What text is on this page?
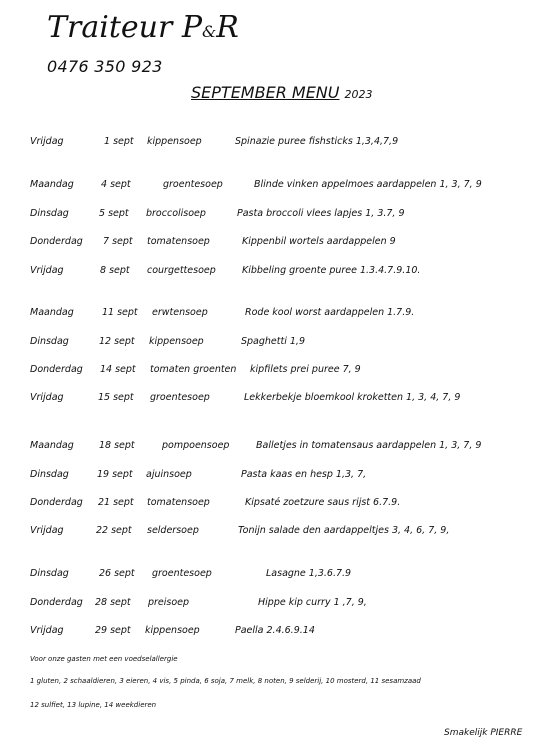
Traiteur P&R
0476 350 923
SEPTEMBER MENU 2023
Vrijdag	1 sept kippensoep	Spinazie puree fishsticks 1,3,4,7,9
Maandag	4 sept	groentesoep	Blinde vinken appelmoes aardappelen 1, 3, 7, 9
Dinsdag	5 sept broccolisoep	Pasta broccoli vlees lapjes 1, 3.7, 9
Donderdag 7 sept tomatensoep	Kippenbil wortels aardappelen 9
Vrijdag	8 sept courgettesoep	Kibbeling groente puree 1.3.4.7.9.10.
Maandag	11 sept erwtensoep	Rode kool worst aardappelen 1.7.9.
Dinsdag	12 sept kippensoep	Spaghetti 1,9
Donderdag 14 sept tomaten groenten kipfilets prei puree 7, 9
Vrijdag	15 sept groentesoep	Lekkerbekje bloemkool kroketten 1, 3, 4, 7, 9
Maandag	18 sept	pompoensoep	Balletjes in tomatensaus aardappelen 1, 3, 7, 9
Dinsdag	19 sept ajuinsoep	Pasta kaas en hesp 1,3, 7,
Donderdag 21 sept tomatensoep	Kipsaté zoetzure saus rijst 6.7.9.
Vrijdag	22 sept seldersoep	Tonijn salade den aardappeltjes 3, 4, 6, 7, 9,
Dinsdag	26 sept groentesoep	Lasagne 1,3.6.7.9
Donderdag 28 sept preisoep	Hippe kip curry 1 ,7, 9,
Vrijdag	29 sept kippensoep	Paella 2.4.6.9.14
Voor onze gasten met een voedselallergie
1 gluten, 2 schaaldieren, 3 eieren, 4 vis, 5 pinda, 6 soja, 7 melk, 8 noten, 9 selderij, 10 mosterd, 11 sesamzaad
12 sulfiet, 13 lupine, 14 weekdieren
Smakelijk PIERRE
